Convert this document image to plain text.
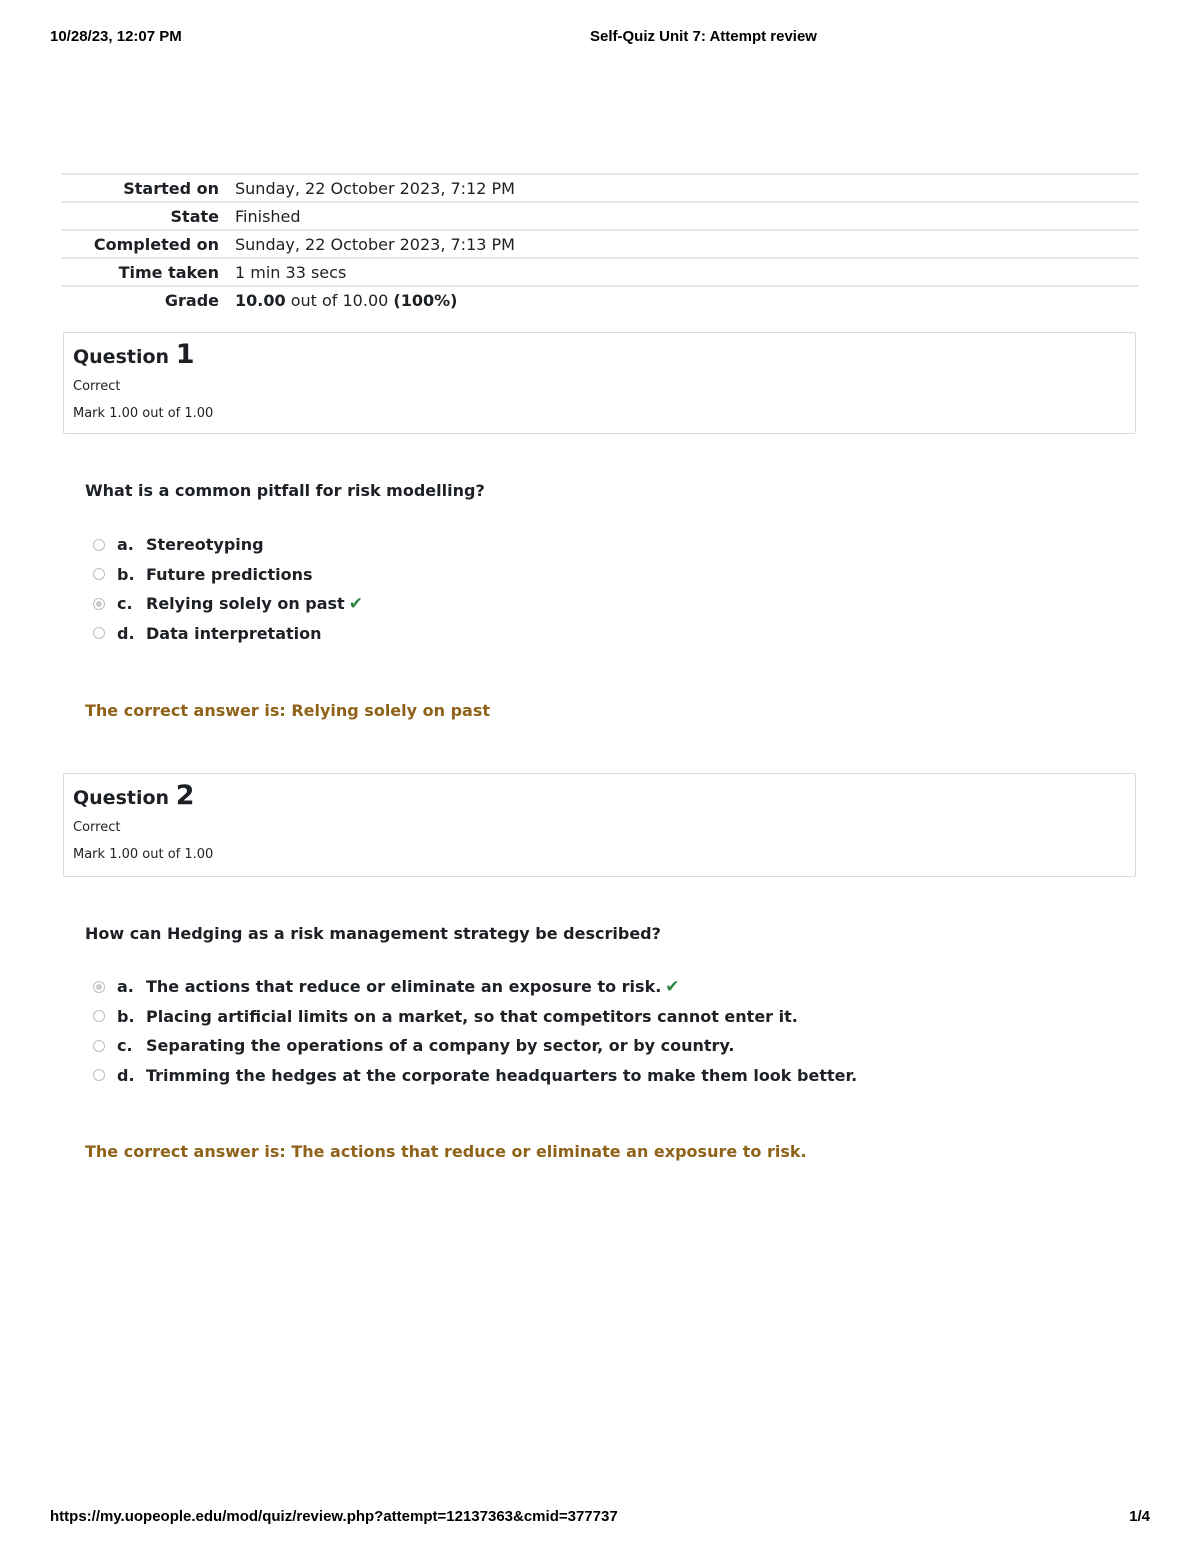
10/28/23, 12:07 PM	Self-Quiz Unit 7: Attempt review
Started on	Sunday, 22 October 2023, 7:12 PM
State	Finished
Completed on	Sunday, 22 October 2023, 7:13 PM
Time taken	1 min 33 secs
Grade	10.00 out of 10.00 (100%)
Question 1
Correct
Mark 1.00 out of 1.00
What is a common pitfall for risk modelling?
a. Stereotyping
b. Future predictions
c. Relying solely on past ✔
d. Data interpretation
The correct answer is: Relying solely on past
Question 2
Correct
Mark 1.00 out of 1.00
How can Hedging as a risk management strategy be described?
a. The actions that reduce or eliminate an exposure to risk. ✔
b. Placing artificial limits on a market, so that competitors cannot enter it.
c. Separating the operations of a company by sector, or by country.
d. Trimming the hedges at the corporate headquarters to make them look better.
The correct answer is: The actions that reduce or eliminate an exposure to risk.
https://my.uopeople.edu/mod/quiz/review.php?attempt=12137363&cmid=377737	1/4
